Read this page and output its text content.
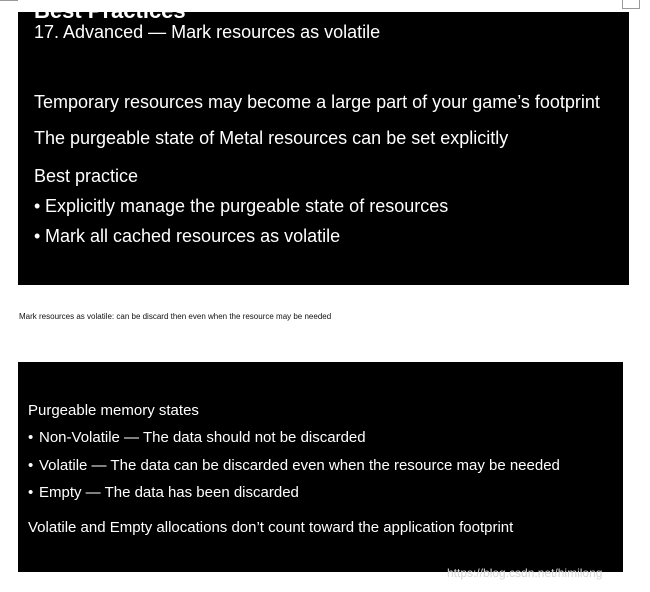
Best Practices
17. Advanced — Mark resources as volatile
Temporary resources may become a large part of your game’s footprint
The purgeable state of Metal resources can be set explicitly
Best practice
• Explicitly manage the purgeable state of resources
• Mark all cached resources as volatile
Mark resources as volatile: can be discard then even when the resource may be needed
Purgeable memory states
• Non-Volatile — The data should not be discarded
• Volatile — The data can be discarded even when the resource may be needed
• Empty — The data has been discarded
Volatile and Empty allocations don’t count toward the application footprint
https://blog.csdn.net/himilong
